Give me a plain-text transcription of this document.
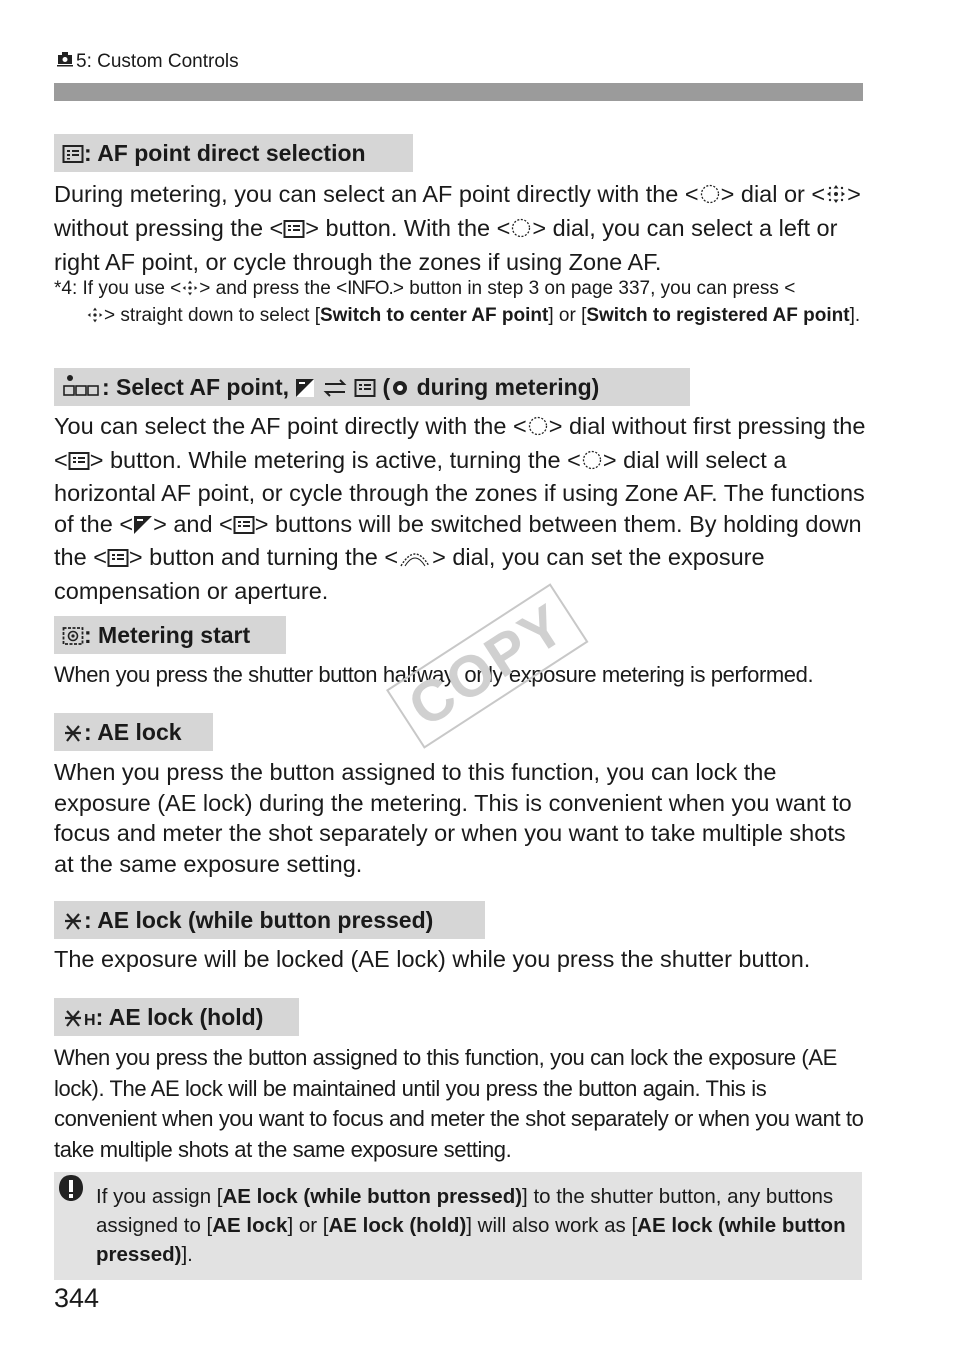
5: Custom Controls
: AF point direct selection
During metering, you can select an AF point directly with the < > dial or < > without pressing the < > button. With the < > dial, you can select a left or right AF point, or cycle through the zones if using Zone AF.
*4: If you use < > and press the <INFO.> button in step 3 on page 337, you can press <
> straight down to select [Switch to center AF point] or [Switch to registered AF point].
: Select AF point,	( during metering)
You can select the AF point directly with the < > dial without first pressing the < > button. While metering is active, turning the < > dial will select a horizontal AF point, or cycle through the zones if using Zone AF. The functions of the < > and < > buttons will be switched between them. By holding down the < > button and turning the < > dial, you can set the exposure compensation or aperture.
: Metering start
When you press the shutter button halfway, only exposure metering is performed.
COPY
: AE lock
When you press the button assigned to this function, you can lock the exposure (AE lock) during the metering. This is convenient when you want to focus and meter the shot separately or when you want to take multiple shots at the same exposure setting.
: AE lock (while button pressed)
The exposure will be locked (AE lock) while you press the shutter button.
H: AE lock (hold)
When you press the button assigned to this function, you can lock the exposure (AE lock). The AE lock will be maintained until you press the button again. This is convenient when you want to focus and meter the shot separately or when you want to take multiple shots at the same exposure setting.
If you assign [AE lock (while button pressed)] to the shutter button, any buttons assigned to [AE lock] or [AE lock (hold)] will also work as [AE lock (while button pressed)].
344
